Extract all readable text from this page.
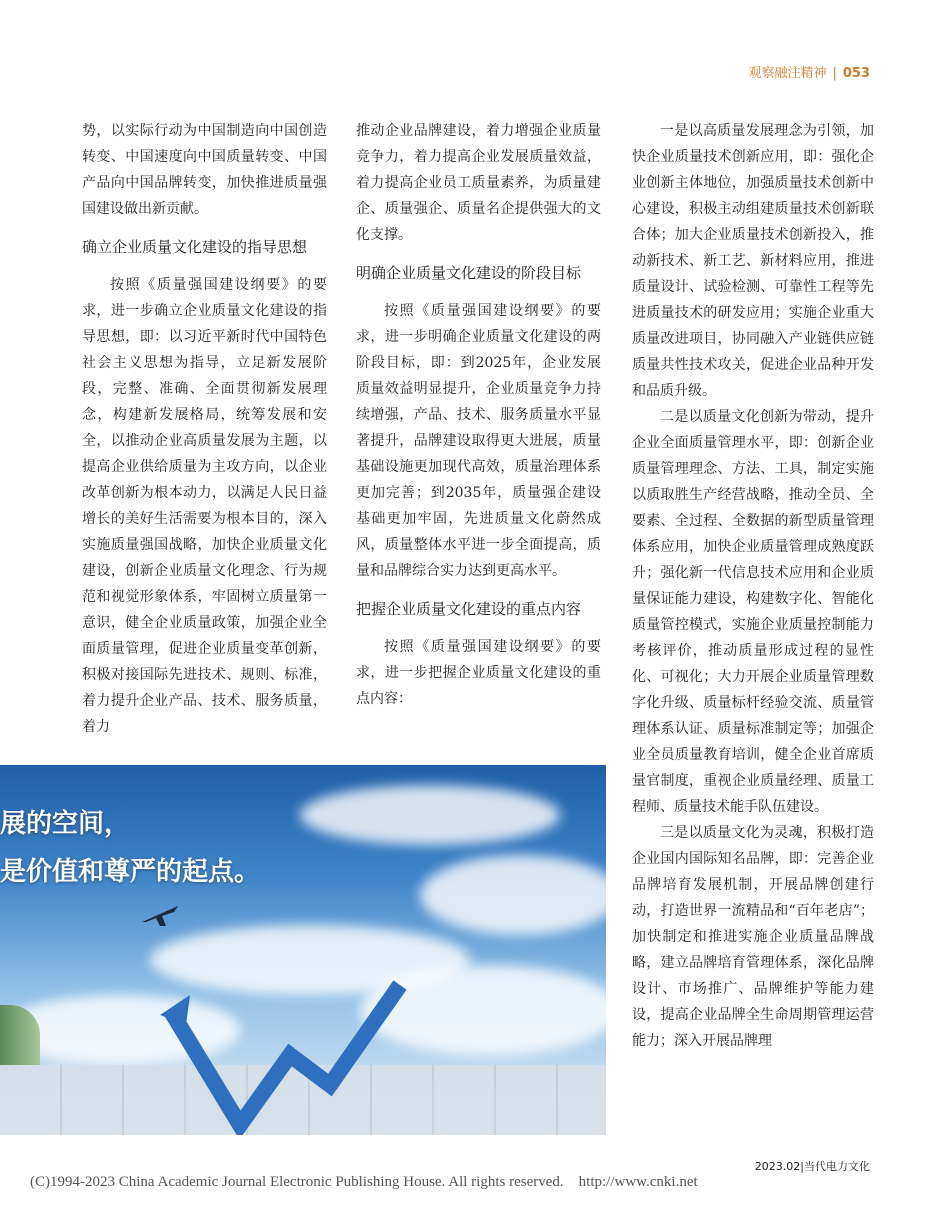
观察融注精神 | 053

势，以实际行动为中国制造向中国创造转变、中国速度向中国质量转变、中国产品向中国品牌转变，加快推进质量强国建设做出新贡献。

确立企业质量文化建设的指导思想

按照《质量强国建设纲要》的要求，进一步确立企业质量文化建设的指导思想，即：以习近平新时代中国特色社会主义思想为指导，立足新发展阶段，完整、准确、全面贯彻新发展理念，构建新发展格局，统筹发展和安全，以推动企业高质量发展为主题，以提高企业供给质量为主攻方向，以企业改革创新为根本动力，以满足人民日益增长的美好生活需要为根本目的，深入实施质量强国战略，加快企业质量文化建设，创新企业质量文化理念、行为规范和视觉形象体系，牢固树立质量第一意识，健全企业质量政策，加强企业全面质量管理，促进企业质量变革创新，积极对接国际先进技术、规则、标准，着力提升企业产品、技术、服务质量，着力

推动企业品牌建设，着力增强企业质量竞争力，着力提高企业发展质量效益，着力提高企业员工质量素养，为质量建企、质量强企、质量名企提供强大的文化支撑。

明确企业质量文化建设的阶段目标

按照《质量强国建设纲要》的要求，进一步明确企业质量文化建设的两阶段目标，即：到2025年，企业发展质量效益明显提升，企业质量竞争力持续增强，产品、技术、服务质量水平显著提升，品牌建设取得更大进展，质量基础设施更加现代高效，质量治理体系更加完善；到2035年，质量强企建设基础更加牢固，先进质量文化蔚然成风，质量整体水平进一步全面提高，质量和品牌综合实力达到更高水平。

把握企业质量文化建设的重点内容

按照《质量强国建设纲要》的要求，进一步把握企业质量文化建设的重点内容：

一是以高质量发展理念为引领，加快企业质量技术创新应用，即：强化企业创新主体地位，加强质量技术创新中心建设，积极主动组建质量技术创新联合体；加大企业质量技术创新投入，推动新技术、新工艺、新材料应用，推进质量设计、试验检测、可靠性工程等先进质量技术的研发应用；实施企业重大质量改进项目，协同融入产业链供应链质量共性技术攻关，促进企业品种开发和品质升级。

二是以质量文化创新为带动，提升企业全面质量管理水平，即：创新企业质量管理理念、方法、工具，制定实施以质取胜生产经营战略，推动全员、全要素、全过程、全数据的新型质量管理体系应用，加快企业质量管理成熟度跃升；强化新一代信息技术应用和企业质量保证能力建设，构建数字化、智能化质量管控模式，实施企业质量控制能力考核评价，推动质量形成过程的显性化、可视化；大力开展企业质量管理数字化升级、质量标杆经验交流、质量管理体系认证、质量标准制定等；加强企业全员质量教育培训，健全企业首席质量官制度，重视企业质量经理、质量工程师、质量技术能手队伍建设。

三是以质量文化为灵魂，积极打造企业国内国际知名品牌，即：完善企业品牌培育发展机制，开展品牌创建行动，打造世界一流精品和“百年老店”；加快制定和推进实施企业质量品牌战略，建立品牌培育管理体系，深化品牌设计、市场推广、品牌维护等能力建设，提高企业品牌全生命周期管理运营能力；深入开展品牌理

展的空间，
是价值和尊严的起点。
2023.02|当代电力文化
(C)1994-2023 China Academic Journal Electronic Publishing House. All rights reserved. http://www.cnki.net
